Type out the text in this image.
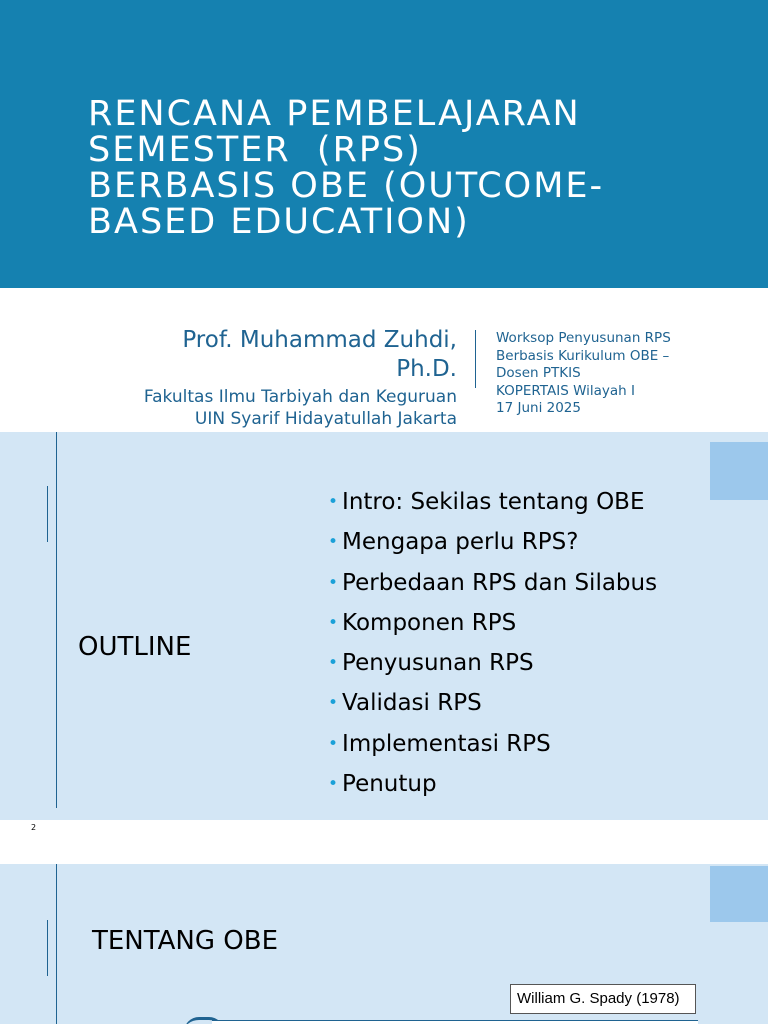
RENCANA PEMBELAJARAN
SEMESTER  (RPS)
BERBASIS OBE (OUTCOME-
BASED EDUCATION)
Prof. Muhammad Zuhdi,
Ph.D.
Fakultas Ilmu Tarbiyah dan Keguruan
UIN Syarif Hidayatullah Jakarta
Worksop Penyusunan RPS
Berbasis Kurikulum OBE –
Dosen PTKIS
KOPERTAIS Wilayah I
17 Juni 2025
OUTLINE
• Intro: Sekilas tentang OBE
• Mengapa perlu RPS?
• Perbedaan RPS dan Silabus
• Komponen RPS
• Penyusunan RPS
• Validasi RPS
• Implementasi RPS
• Penutup
2
TENTANG OBE
William G. Spady (1978)
